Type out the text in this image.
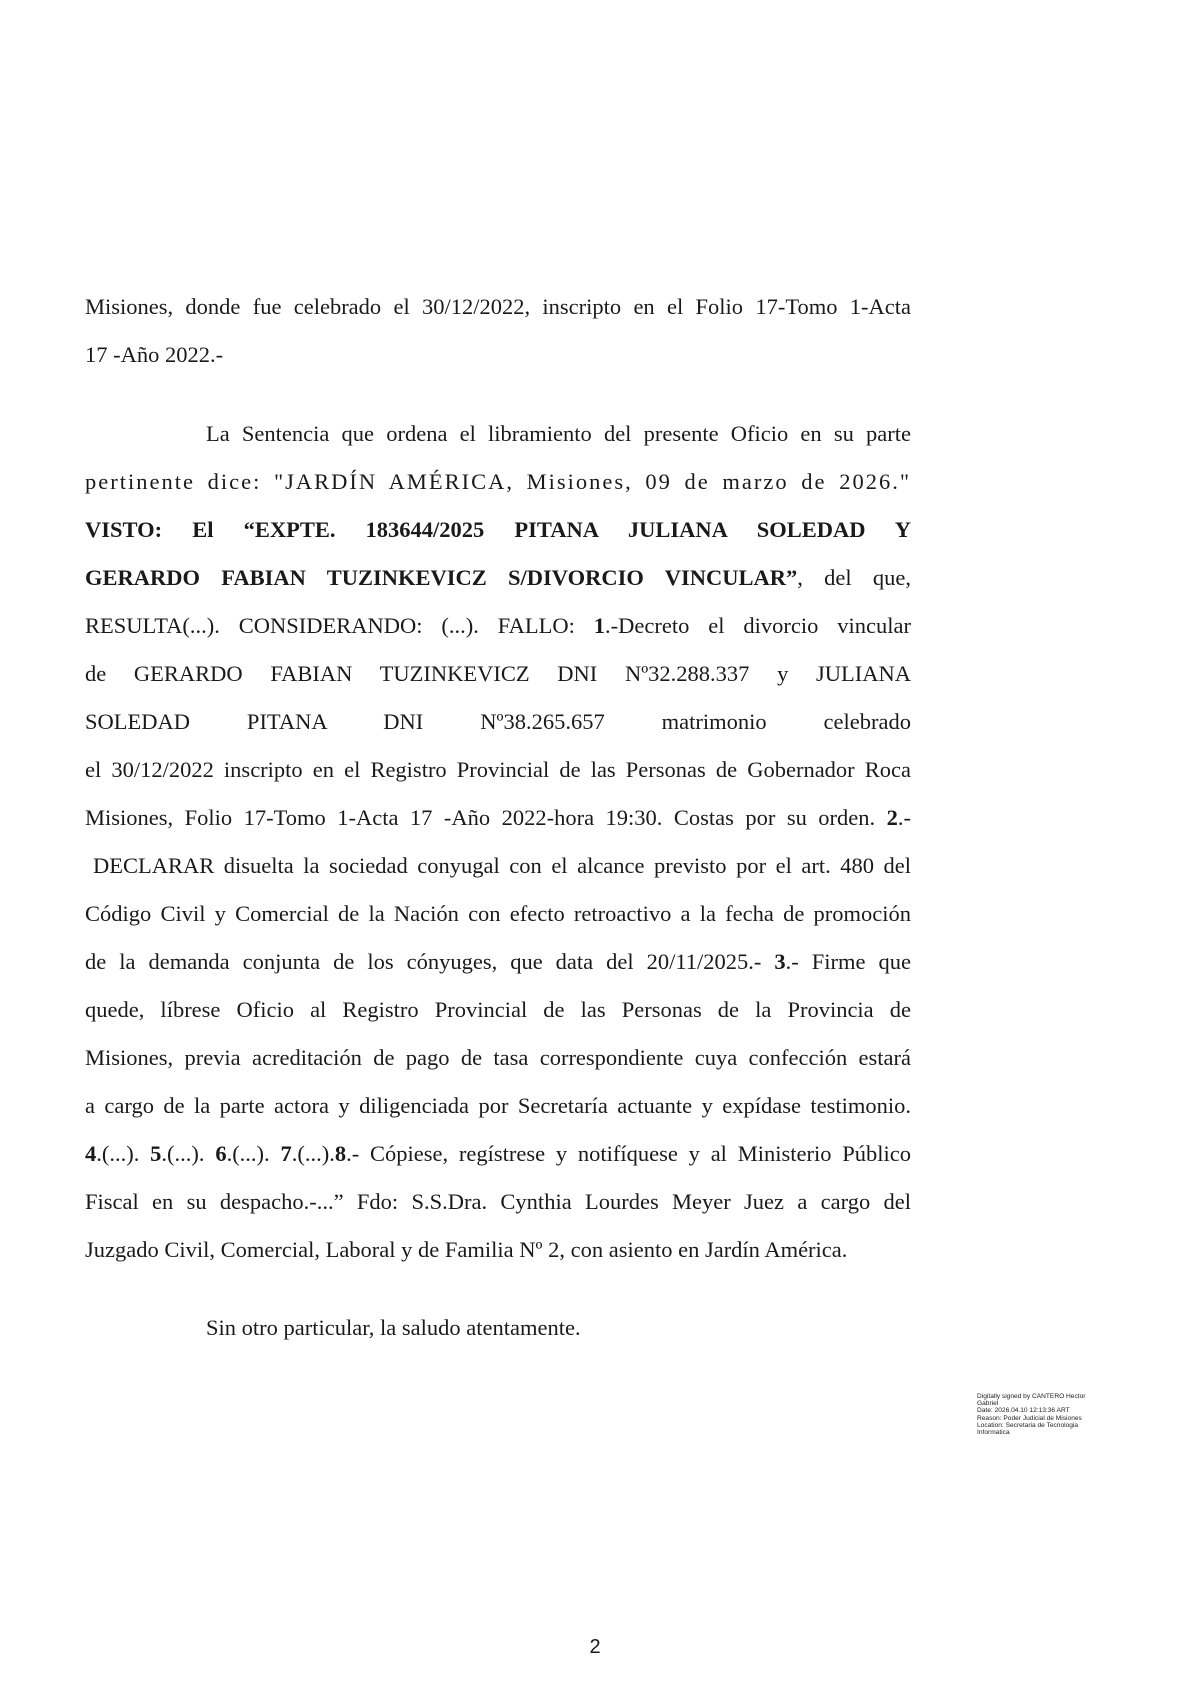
Misiones, donde fue celebrado el 30/12/2022, inscripto en el Folio 17-Tomo 1-Acta
17 -Año 2022.-
La Sentencia que ordena el libramiento del presente Oficio en su parte
pertinente dice: "JARDÍN AMÉRICA, Misiones, 09 de marzo de 2026."
VISTO: El “EXPTE. 183644/2025 PITANA JULIANA SOLEDAD Y
GERARDO FABIAN TUZINKEVICZ S/DIVORCIO VINCULAR”, del que,
RESULTA(...). CONSIDERANDO: (...). FALLO: 1.-Decreto el divorcio vincular
de GERARDO FABIAN TUZINKEVICZ DNI Nº32.288.337 y JULIANA
SOLEDAD PITANA DNI Nº38.265.657 matrimonio celebrado
el 30/12/2022 inscripto en el Registro Provincial de las Personas de Gobernador Roca
Misiones, Folio 17-Tomo 1-Acta 17 -Año 2022-hora 19:30. Costas por su orden. 2.-
DECLARAR disuelta la sociedad conyugal con el alcance previsto por el art. 480 del
Código Civil y Comercial de la Nación con efecto retroactivo a la fecha de promoción
de la demanda conjunta de los cónyuges, que data del 20/11/2025.- 3.- Firme que
quede, líbrese Oficio al Registro Provincial de las Personas de la Provincia de
Misiones, previa acreditación de pago de tasa correspondiente cuya confección estará
a cargo de la parte actora y diligenciada por Secretaría actuante y expídase testimonio.
4.(...). 5.(...). 6.(...). 7.(...).8.- Cópiese, regístrese y notifíquese y al Ministerio Público
Fiscal en su despacho.-...” Fdo: S.S.Dra. Cynthia Lourdes Meyer Juez a cargo del
Juzgado Civil, Comercial, Laboral y de Familia Nº 2, con asiento en Jardín América.
Sin otro particular, la saludo atentamente.
Digitally signed by CANTERO Hector
Gabriel
Date: 2026.04.10 12:13:36 ART
Reason: Poder Judicial de Misiones
Location: Secretaria de Tecnologia
Informatica
2
